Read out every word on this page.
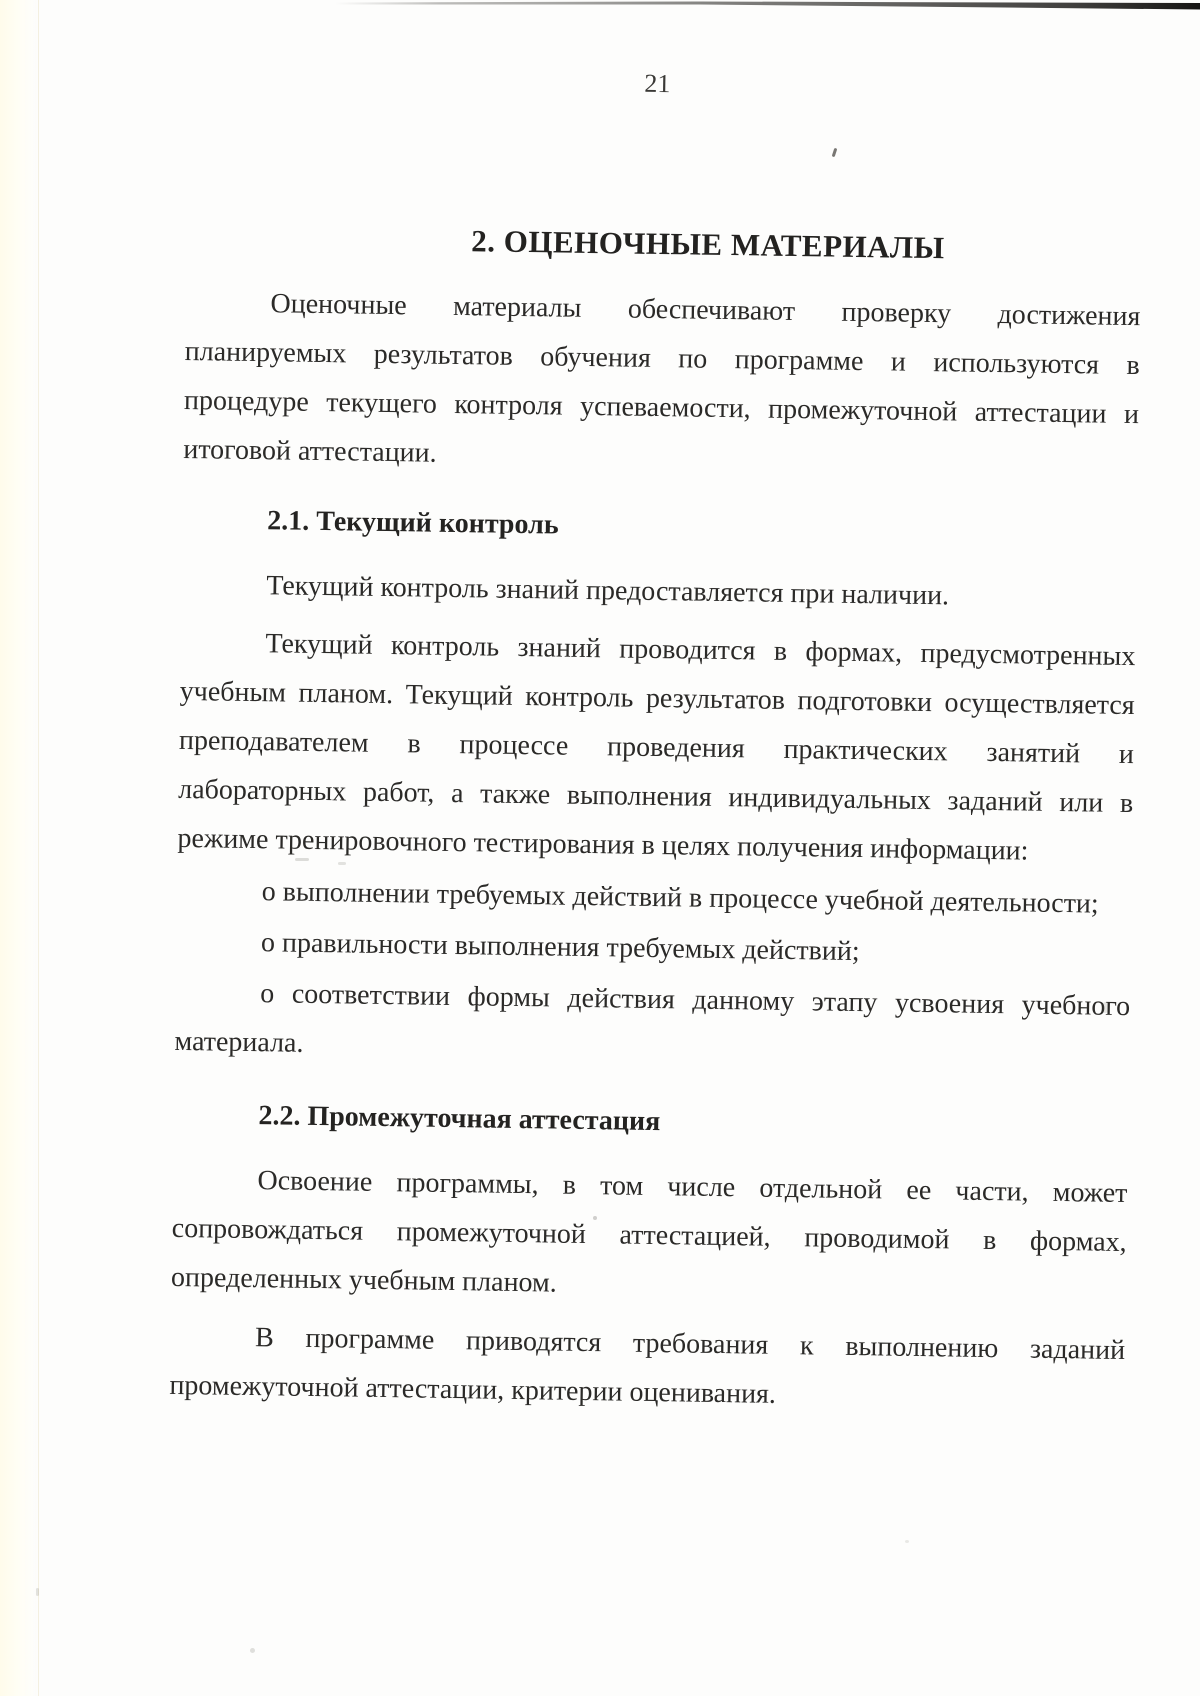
21
2. ОЦЕНОЧНЫЕ МАТЕРИАЛЫ
Оценочные материалы обеспечивают проверку достижения
планируемых результатов обучения по программе и используются в
процедуре текущего контроля успеваемости, промежуточной аттестации и
итоговой аттестации.
2.1. Текущий контроль
Текущий контроль знаний предоставляется при наличии.
Текущий контроль знаний проводится в формах, предусмотренных
учебным планом. Текущий контроль результатов подготовки осуществляется
преподавателем в процессе проведения практических занятий и
лабораторных работ, а также выполнения индивидуальных заданий или в
режиме тренировочного тестирования в целях получения информации:
о выполнении требуемых действий в процессе учебной деятельности;
о правильности выполнения требуемых действий;
о соответствии формы действия данному этапу усвоения учебного
материала.
2.2. Промежуточная аттестация
Освоение программы, в том числе отдельной ее части, может
сопровождаться промежуточной аттестацией, проводимой в формах,
определенных учебным планом.
В программе приводятся требования к выполнению заданий
промежуточной аттестации, критерии оценивания.
